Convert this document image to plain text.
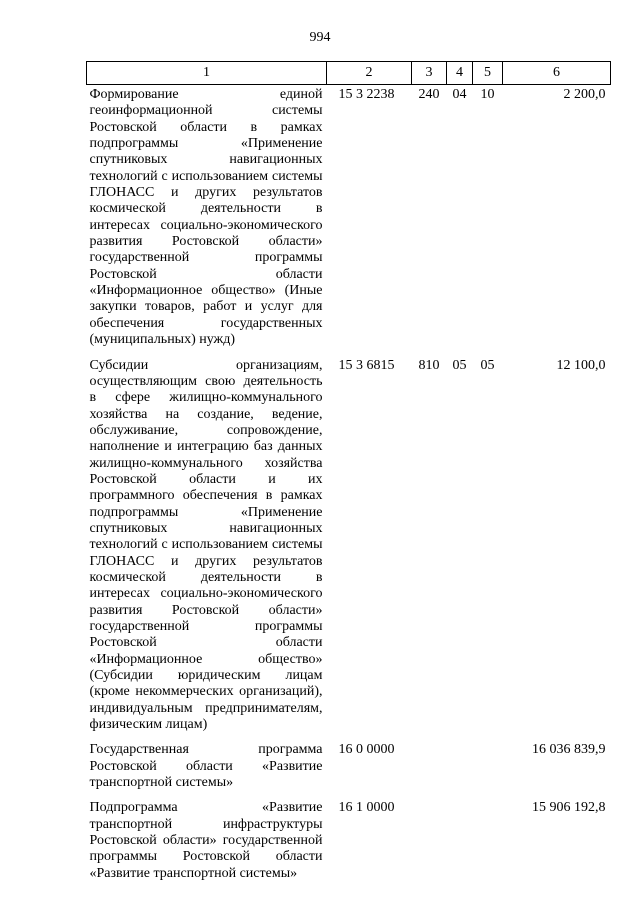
994
1	2	3	4	5	6
Формирование единой геоинформационной системы Ростовской области в рамках подпрограммы «Применение спутниковых навигационных технологий с использованием системы ГЛОНАСС и других результатов космической деятельности в интересах социально-экономического развития Ростовской области» государственной программы Ростовской области «Информационное общество» (Иные закупки товаров, работ и услуг для обеспечения государственных (муниципальных) нужд)	15 3 2238	240	04	10	2 200,0
Субсидии организациям, осуществляющим свою деятельность в сфере жилищно-коммунального хозяйства на создание, ведение, обслуживание, сопровождение, наполнение и интеграцию баз данных жилищно-коммунального хозяйства Ростовской области и их программного обеспечения в рамках подпрограммы «Применение спутниковых навигационных технологий с использованием системы ГЛОНАСС и других результатов космической деятельности в интересах социально-экономического развития Ростовской области» государственной программы Ростовской области «Информационное общество» (Субсидии юридическим лицам (кроме некоммерческих организаций), индивидуальным предпринимателям, физическим лицам)	15 3 6815	810	05	05	12 100,0
Государственная программа Ростовской области «Развитие транспортной системы»	16 0 0000				16 036 839,9
Подпрограмма «Развитие транспортной инфраструктуры Ростовской области» государственной программы Ростовской области «Развитие транспортной системы»	16 1 0000				15 906 192,8
